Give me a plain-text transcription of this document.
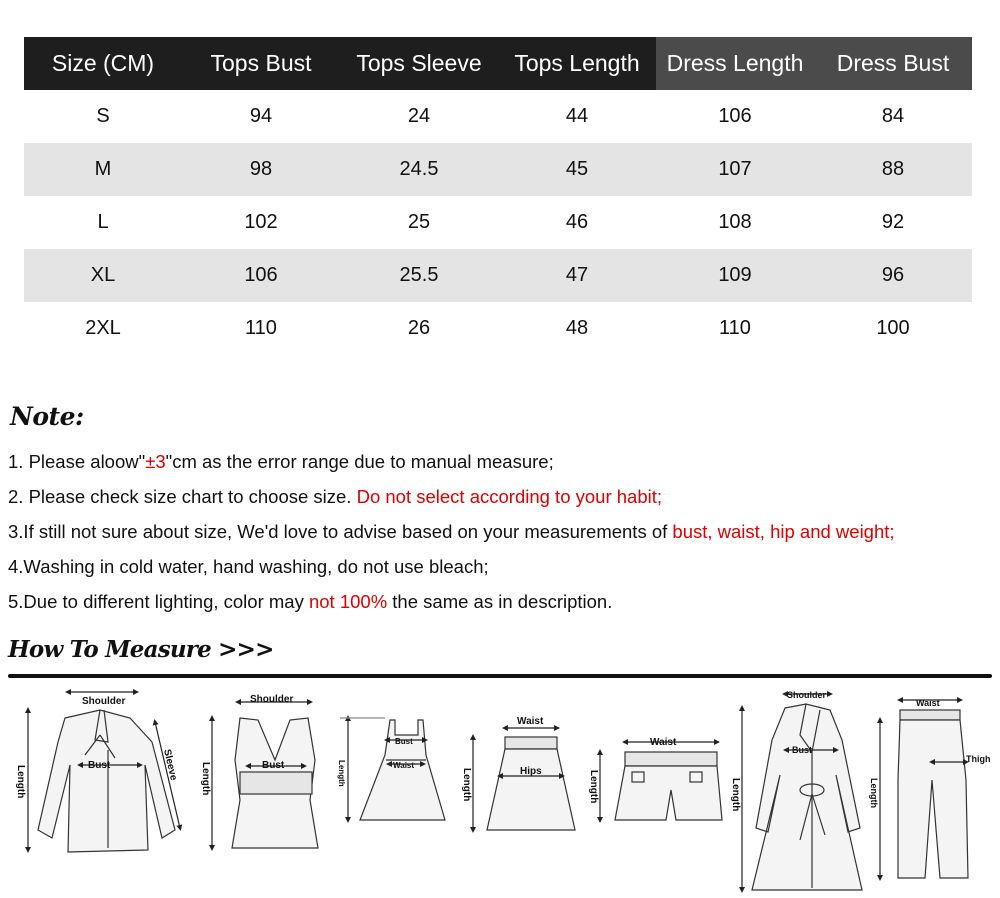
Size (CM)	Tops Bust	Tops Sleeve	Tops Length	Dress Length	Dress Bust
S	94	24	44	106	84
M	98	24.5	45	107	88
L	102	25	46	108	92
XL	106	25.5	47	109	96
2XL	110	26	48	110	100
Note:
1. Please aloow"±3"cm as the error range due to manual measure;
2. Please check size chart to choose size. Do not select according to your habit;
3.If still not sure about size, We'd love to advise based on your measurements of bust, waist, hip and weight;
4.Washing in cold water, hand washing, do not use bleach;
5.Due to different lighting, color may not 100% the same as in description.
How To Measure >>>
Shoulder
Bust	Sleeve
Length
Shoulder
Bust
Length
Bust
Waist
Length
Waist
Hips
Length
Waist
Length
Shoulder
Bust
Length
Waist
Thigh
Length
